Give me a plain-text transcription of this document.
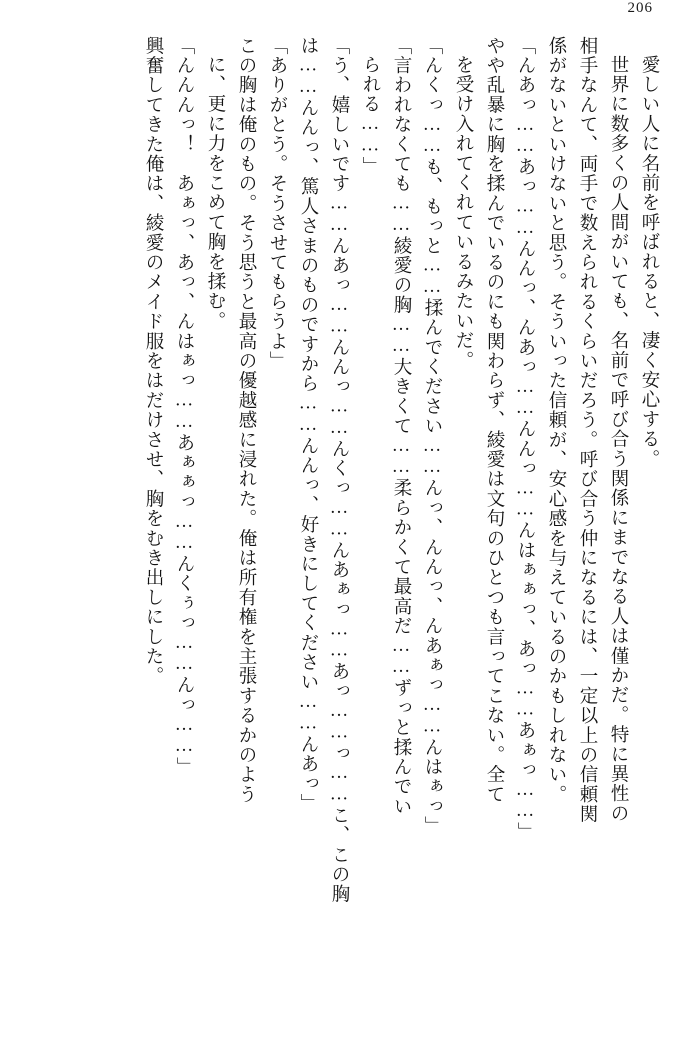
206
愛しい人に名前を呼ばれると、凄く安心する。
世界に数多くの人間がいても、名前で呼び合う関係にまでなる人は僅かだ。特に異性の
相手なんて、両手で数えられるくらいだろう。呼び合う仲になるには、一定以上の信頼関
係がないといけないと思う。そういった信頼が、安心感を与えているのかもしれない。
「んあっ……あっ……んんっ、んあっ……んんっ……んはぁぁっ、あっ……あぁっ……」
やや乱暴に胸を揉んでいるのにも関わらず、綾愛は文句のひとつも言ってこない。全て
を受け入れてくれているみたいだ。
「んくっ……も、もっと……揉んでください……んっ、んんっ、んあぁっ……んはぁっ」
「言われなくても……綾愛の胸……大きくて……柔らかくて最高だ……ずっと揉んでい
られる……」
「う、嬉しいです……んあっ……んんっ……んくっ……んあぁっ……あっ……っ……こ、この胸
は……んんっ、篤人さまのものですから……んんっ、好きにしてください……んあっ」
「ありがとう。そうさせてもらうよ」
この胸は俺のもの。そう思うと最高の優越感に浸れた。俺は所有権を主張するかのよう
に、更に力をこめて胸を揉む。
「んんんっ！　あぁっ、あっ、んはぁっ……あぁぁっ……んくぅっ……んっ……」
興奮してきた俺は、綾愛のメイド服をはだけさせ、胸をむき出しにした。
